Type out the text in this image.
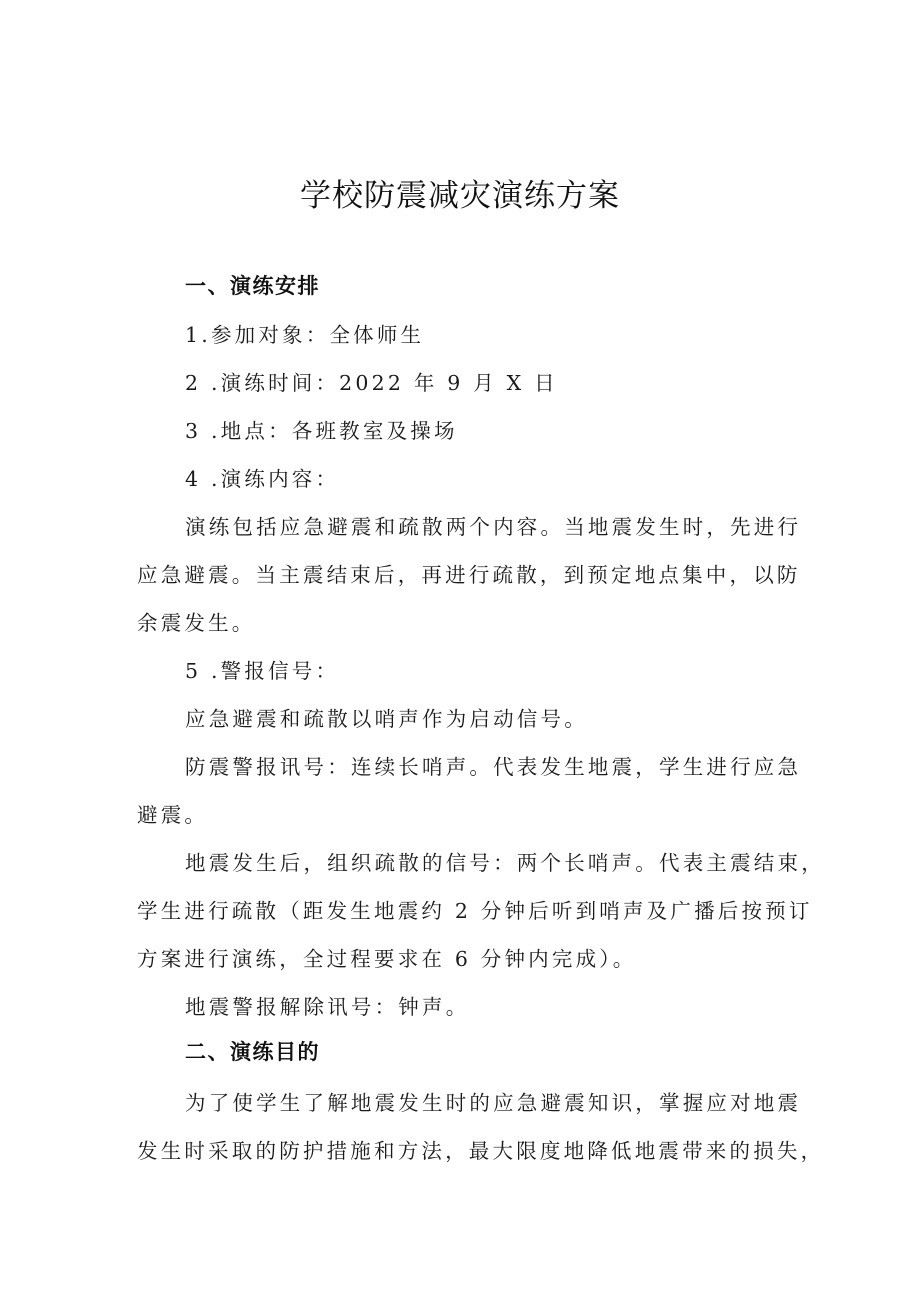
学校防震减灾演练方案

一、演练安排

1.参加对象：全体师生

2 .演练时间：2022 年 9 月 X 日

3 .地点：各班教室及操场

4 .演练内容：

演练包括应急避震和疏散两个内容。当地震发生时，先进行

应急避震。当主震结束后，再进行疏散，到预定地点集中，以防

余震发生。

5 .警报信号：

应急避震和疏散以哨声作为启动信号。

防震警报讯号：连续长哨声。代表发生地震，学生进行应急

避震。

地震发生后，组织疏散的信号：两个长哨声。代表主震结束，

学生进行疏散（距发生地震约 2 分钟后听到哨声及广播后按预订

方案进行演练，全过程要求在 6 分钟内完成）。

地震警报解除讯号：钟声。

二、演练目的

为了使学生了解地震发生时的应急避震知识，掌握应对地震

发生时采取的防护措施和方法，最大限度地降低地震带来的损失，
